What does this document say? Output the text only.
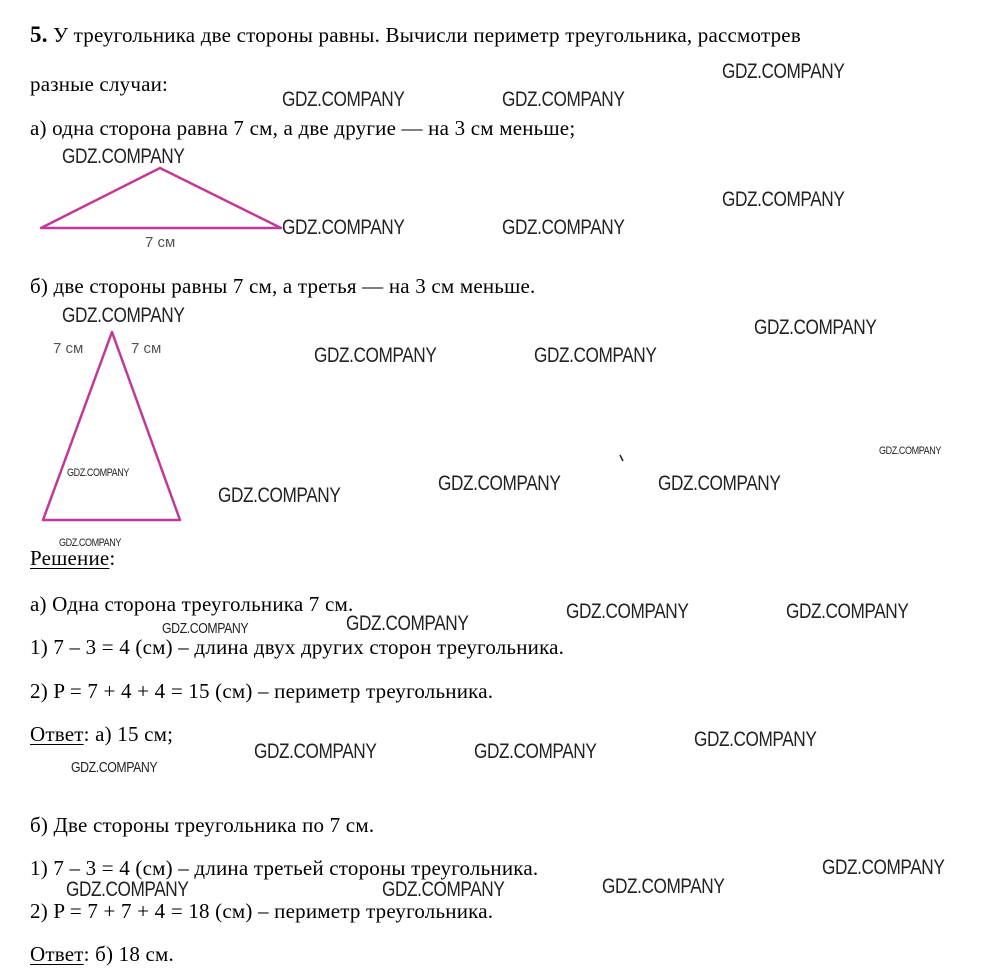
5. У треугольника две стороны равны. Вычисли периметр треугольника, рассмотрев
разные случаи:
а) одна сторона равна 7 см, а две другие — на 3 см меньше;
7 см
7 см	7 см
б) две стороны равны 7 см, а третья — на 3 см меньше.
Решение:
а) Одна сторона треугольника 7 см.
1) 7 – 3 = 4 (см) – длина двух других сторон треугольника.
2) P = 7 + 4 + 4 = 15 (см) – периметр треугольника.
Ответ: а) 15 см;
б) Две стороны треугольника по 7 см.
1) 7 – 3 = 4 (см) – длина третьей стороны треугольника.
2) P = 7 + 7 + 4 = 18 (см) – периметр треугольника.
Ответ: б) 18 см.
GDZ.COMPANY
GDZ.COMPANY	GDZ.COMPANY
GDZ.COMPANY
GDZ.COMPANY
GDZ.COMPANY	GDZ.COMPANY
GDZ.COMPANY
GDZ.COMPANY
GDZ.COMPANY	GDZ.COMPANY
GDZ.COMPANY
GDZ.COMPANY	GDZ.COMPANY	GDZ.COMPANY
GDZ.COMPANY
GDZ.COMPANY
GDZ.COMPANY	GDZ.COMPANY
GDZ.COMPANY
GDZ.COMPANY
GDZ.COMPANY
GDZ.COMPANY	GDZ.COMPANY
GDZ.COMPANY
GDZ.COMPANY
GDZ.COMPANY	GDZ.COMPANY	GDZ.COMPANY
